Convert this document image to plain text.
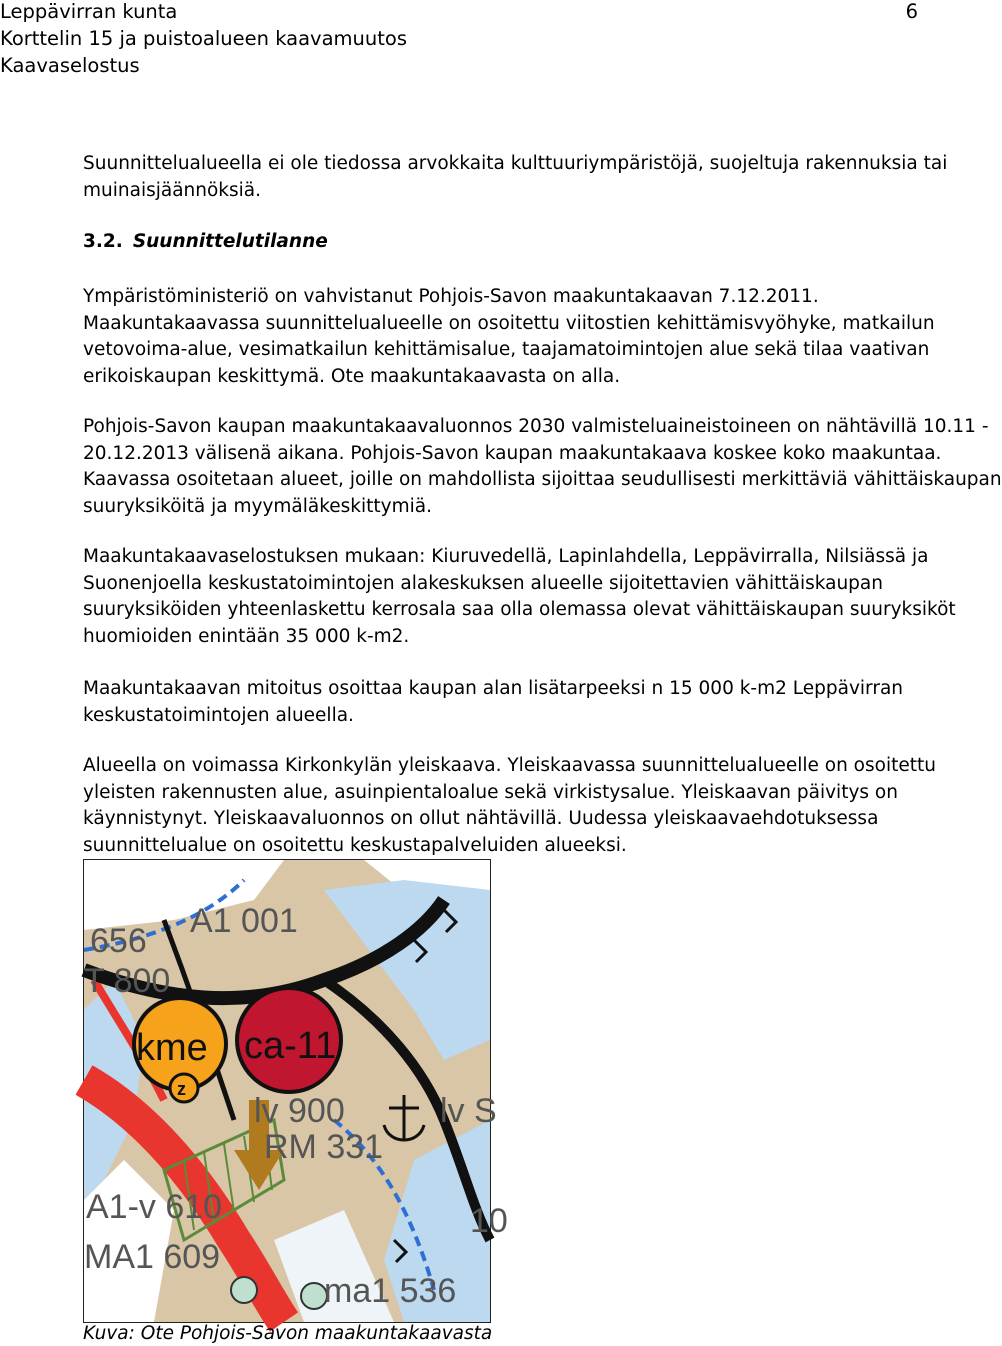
Leppävirran kunta
Korttelin 15 ja puistoalueen kaavamuutos
Kaavaselostus
6

Suunnittelualueella ei ole tiedossa arvokkaita kulttuuriympäristöjä, suojeltuja rakennuksia tai

muinaisjäännöksiä.

3.2. Suunnittelutilanne

Ympäristöministeriö on vahvistanut Pohjois-Savon maakuntakaavan 7.12.2011.

Maakuntakaavassa suunnittelualueelle on osoitettu viitostien kehittämisvyöhyke, matkailun

vetovoima-alue, vesimatkailun kehittämisalue, taajamatoimintojen alue sekä tilaa vaativan

erikoiskaupan keskittymä. Ote maakuntakaavasta on alla.

Pohjois-Savon kaupan maakuntakaavaluonnos 2030 valmisteluaineistoineen on nähtävillä 10.11 -

20.12.2013 välisenä aikana. Pohjois-Savon kaupan maakuntakaava koskee koko maakuntaa.

Kaavassa osoitetaan alueet, joille on mahdollista sijoittaa seudullisesti merkittäviä vähittäiskaupan

suuryksiköitä ja myymäläkeskittymiä.

Maakuntakaavaselostuksen mukaan: Kiuruvedellä, Lapinlahdella, Leppävirralla, Nilsiässä ja

Suonenjoella keskustatoimintojen alakeskuksen alueelle sijoitettavien vähittäiskaupan

suuryksiköiden yhteenlaskettu kerrosala saa olla olemassa olevat vähittäiskaupan suuryksiköt

huomioiden enintään 35 000 k-m2.

Maakuntakaavan mitoitus osoittaa kaupan alan lisätarpeeksi n 15 000 k-m2 Leppävirran

keskustatoimintojen alueella.

Alueella on voimassa Kirkonkylän yleiskaava. Yleiskaavassa suunnittelualueelle on osoitettu

yleisten rakennusten alue, asuinpientaloalue sekä virkistysalue. Yleiskaavan päivitys on

käynnistynyt. Yleiskaavaluonnos on ollut nähtävillä. Uudessa yleiskaavaehdotuksessa

suunnittelualue on osoitettu keskustapalveluiden alueeksi.

A1 001
656
T 800
kme
z
ca-11
lv 900
RM 331
lv S
A1-v 610
MA1 609
ma1 536
10
Kuva: Ote Pohjois-Savon maakuntakaavasta
